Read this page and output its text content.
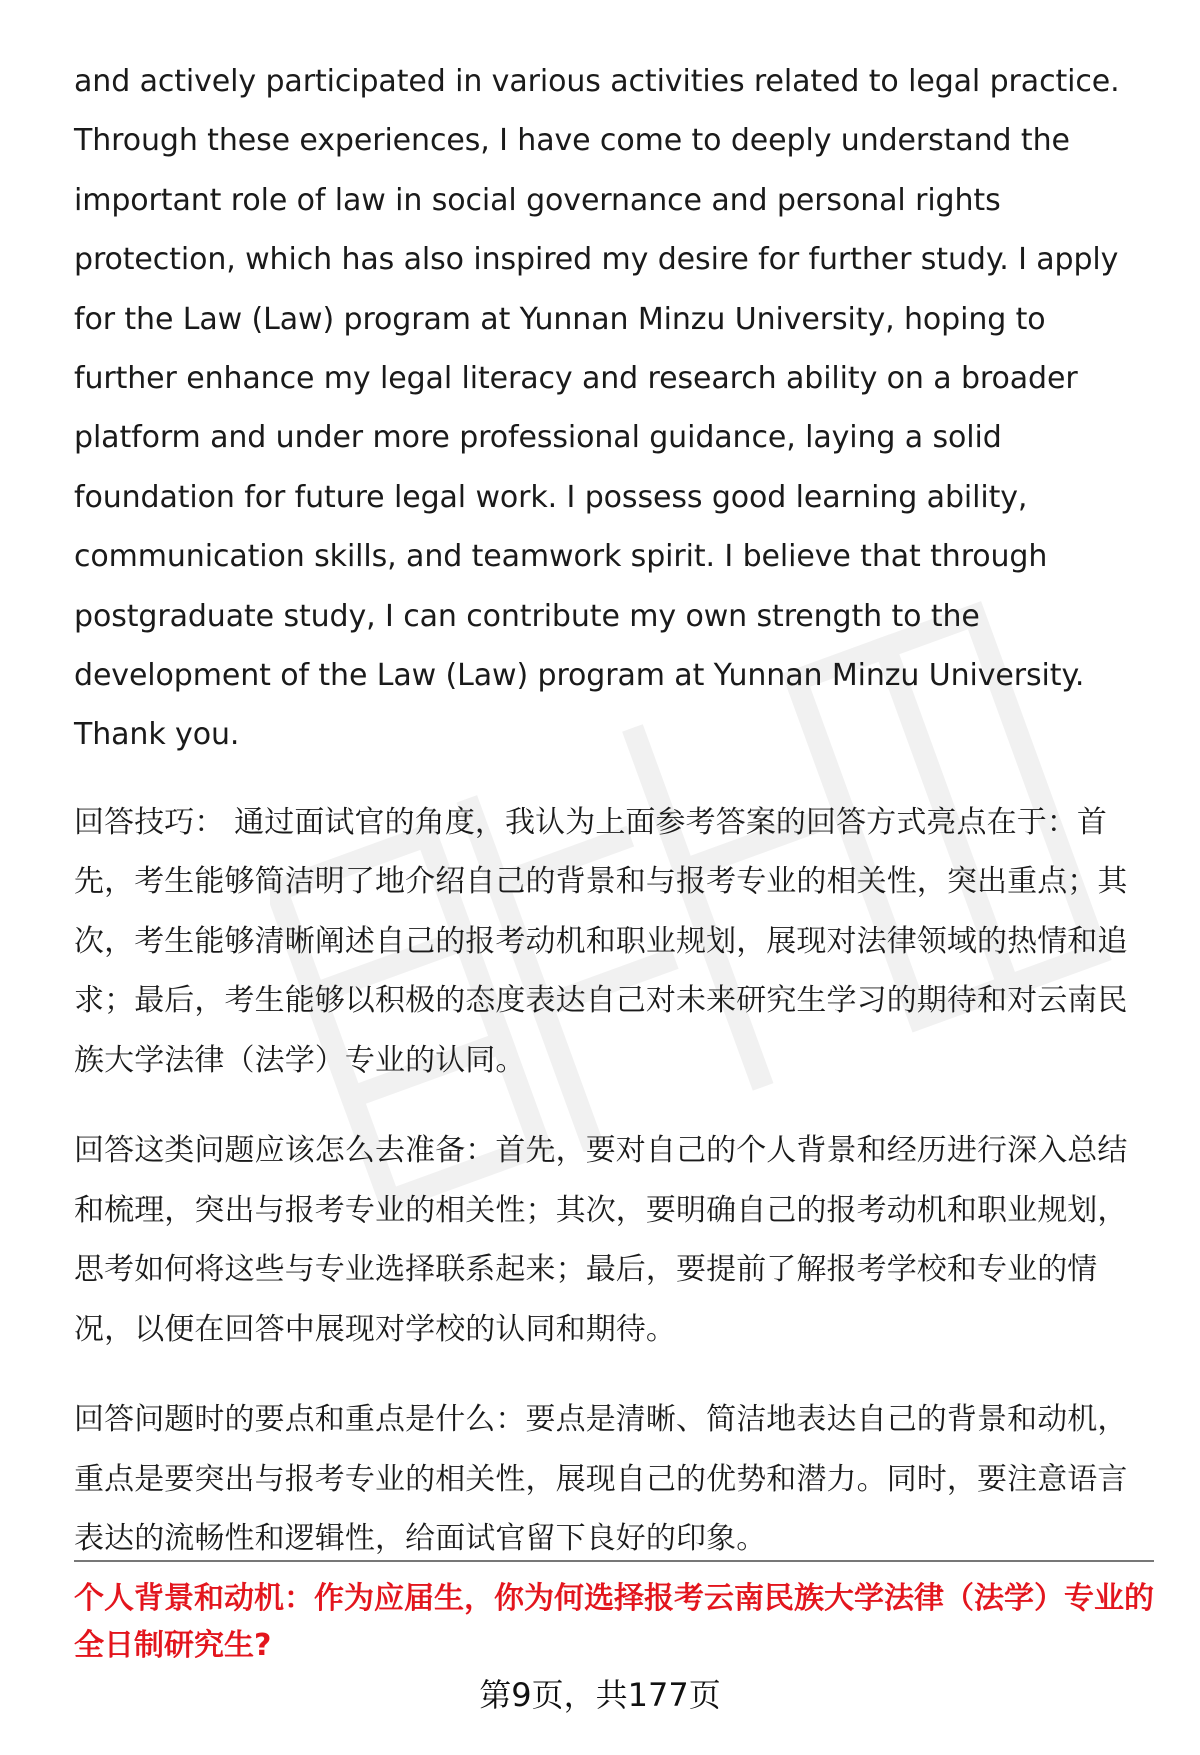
and actively participated in various activities related to legal practice. Through these experiences, I have come to deeply understand the important role of law in social governance and personal rights protection, which has also inspired my desire for further study. I apply for the Law (Law) program at Yunnan Minzu University, hoping to further enhance my legal literacy and research ability on a broader platform and under more professional guidance, laying a solid foundation for future legal work. I possess good learning ability, communication skills, and teamwork spirit. I believe that through postgraduate study, I can contribute my own strength to the development of the Law (Law) program at Yunnan Minzu University. Thank you.

回答技巧： 通过面试官的角度，我认为上面参考答案的回答方式亮点在于：首先，考生能够简洁明了地介绍自己的背景和与报考专业的相关性，突出重点；其次，考生能够清晰阐述自己的报考动机和职业规划，展现对法律领域的热情和追求；最后，考生能够以积极的态度表达自己对未来研究生学习的期待和对云南民族大学法律（法学）专业的认同。

回答这类问题应该怎么去准备：首先，要对自己的个人背景和经历进行深入总结和梳理，突出与报考专业的相关性；其次，要明确自己的报考动机和职业规划，思考如何将这些与专业选择联系起来；最后，要提前了解报考学校和专业的情况，以便在回答中展现对学校的认同和期待。

回答问题时的要点和重点是什么：要点是清晰、简洁地表达自己的背景和动机，重点是要突出与报考专业的相关性，展现自己的优势和潜力。同时，要注意语言表达的流畅性和逻辑性，给面试官留下良好的印象。

个人背景和动机：作为应届生，你为何选择报考云南民族大学法律（法学）专业的全日制研究生?

第9页，共177页
